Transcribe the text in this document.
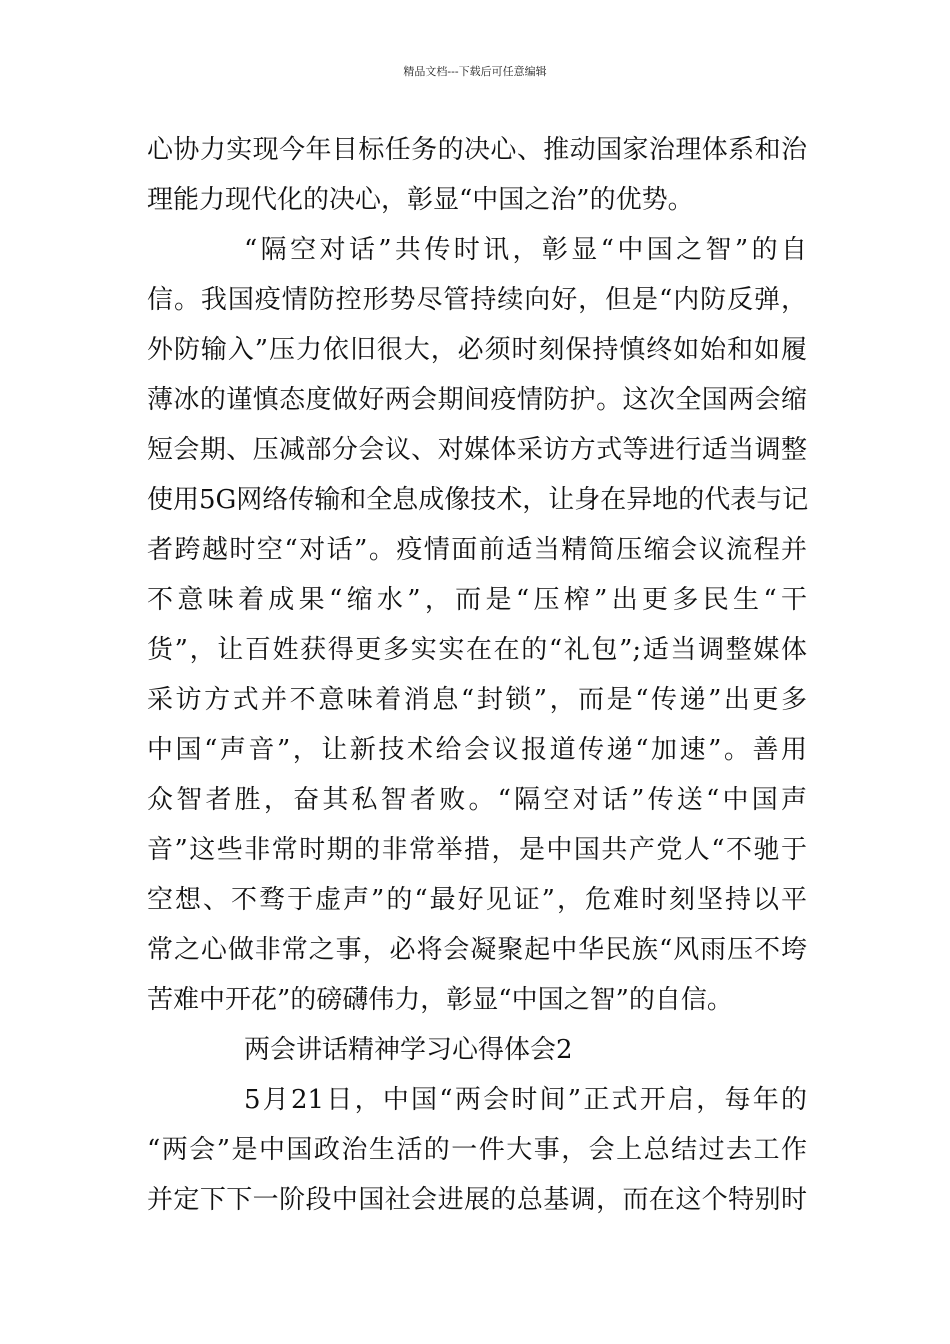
精品文档---下载后可任意编辑
心协力实现今年目标任务的决心、推动国家治理体系和治
理能力现代化的决心，彰显“中国之治”的优势。
“隔空对话”共传时讯，彰显“中国之智”的自
信。我国疫情防控形势尽管持续向好，但是“内防反弹，
外防输入”压力依旧很大，必须时刻保持慎终如始和如履
薄冰的谨慎态度做好两会期间疫情防护。这次全国两会缩
短会期、压减部分会议、对媒体采访方式等进行适当调整
使用5G网络传输和全息成像技术，让身在异地的代表与记
者跨越时空“对话”。疫情面前适当精简压缩会议流程并
不意味着成果“缩水”，而是“压榨”出更多民生“干
货”，让百姓获得更多实实在在的“礼包”;适当调整媒体
采访方式并不意味着消息“封锁”，而是“传递”出更多
中国“声音”，让新技术给会议报道传递“加速”。善用
众智者胜，奋其私智者败。“隔空对话”传送“中国声
音”这些非常时期的非常举措，是中国共产党人“不驰于
空想、不骛于虚声”的“最好见证”，危难时刻坚持以平
常之心做非常之事，必将会凝聚起中华民族“风雨压不垮
苦难中开花”的磅礴伟力，彰显“中国之智”的自信。
两会讲话精神学习心得体会2
5月21日，中国“两会时间”正式开启，每年的
“两会”是中国政治生活的一件大事，会上总结过去工作
并定下下一阶段中国社会进展的总基调，而在这个特别时
